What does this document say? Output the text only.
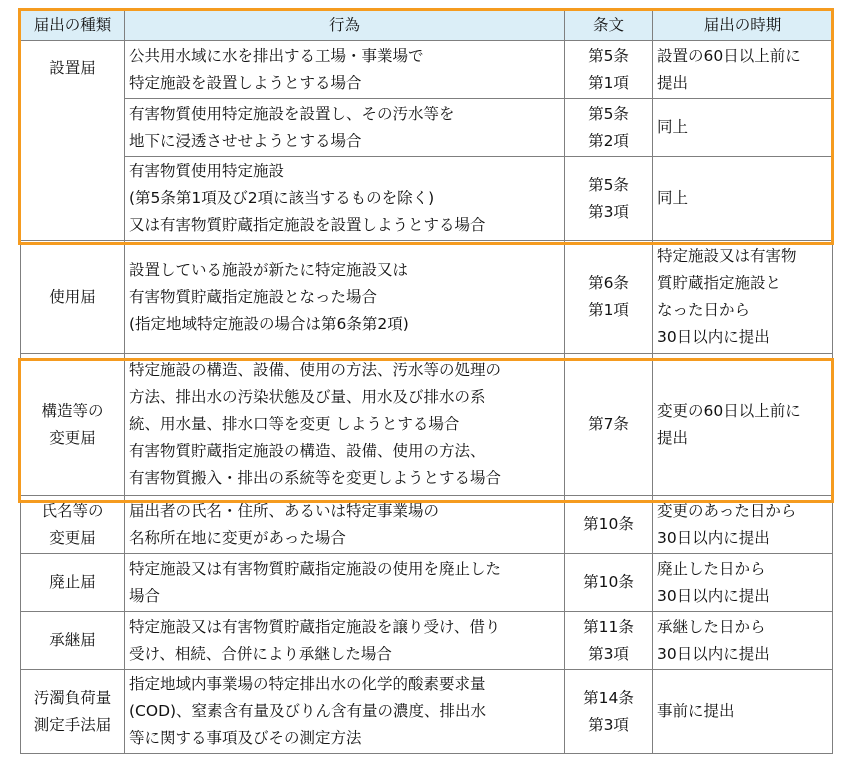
届出の種類	行為	条文	届出の時期

設置届	公共用水域に水を排出する工場・事業場で
特定施設を設置しようとする場合	第5条
第1項	設置の60日以上前に
提出

	有害物質使用特定施設を設置し、その汚水等を
地下に浸透させせようとする場合	第5条
第2項	同上

	有害物質使用特定施設
(第5条第1項及び2項に該当するものを除く)
又は有害物質貯蔵指定施設を設置しようとする場合	第5条
第3項	同上

使用届	設置している施設が新たに特定施設又は
有害物質貯蔵指定施設となった場合
(指定地域特定施設の場合は第6条第2項)	第6条
第1項	特定施設又は有害物
質貯蔵指定施設と
なった日から
30日以内に提出

構造等の
変更届	特定施設の構造、設備、使用の方法、汚水等の処理の
方法、排出水の汚染状態及び量、用水及び排水の系
統、用水量、排水口等を変更 しようとする場合
有害物質貯蔵指定施設の構造、設備、使用の方法、
有害物質搬入・排出の系統等を変更しようとする場合	第7条	変更の60日以上前に
提出

氏名等の
変更届	届出者の氏名・住所、あるいは特定事業場の
名称所在地に変更があった場合	第10条	変更のあった日から
30日以内に提出

廃止届	特定施設又は有害物質貯蔵指定施設の使用を廃止した
場合	第10条	廃止した日から
30日以内に提出

承継届	特定施設又は有害物質貯蔵指定施設を譲り受け、借り
受け、相続、合併により承継した場合	第11条
第3項	承継した日から
30日以内に提出

汚濁負荷量
測定手法届	指定地域内事業場の特定排出水の化学的酸素要求量
(COD)、窒素含有量及びりん含有量の濃度、排出水
等に関する事項及びその測定方法	第14条
第3項	事前に提出
